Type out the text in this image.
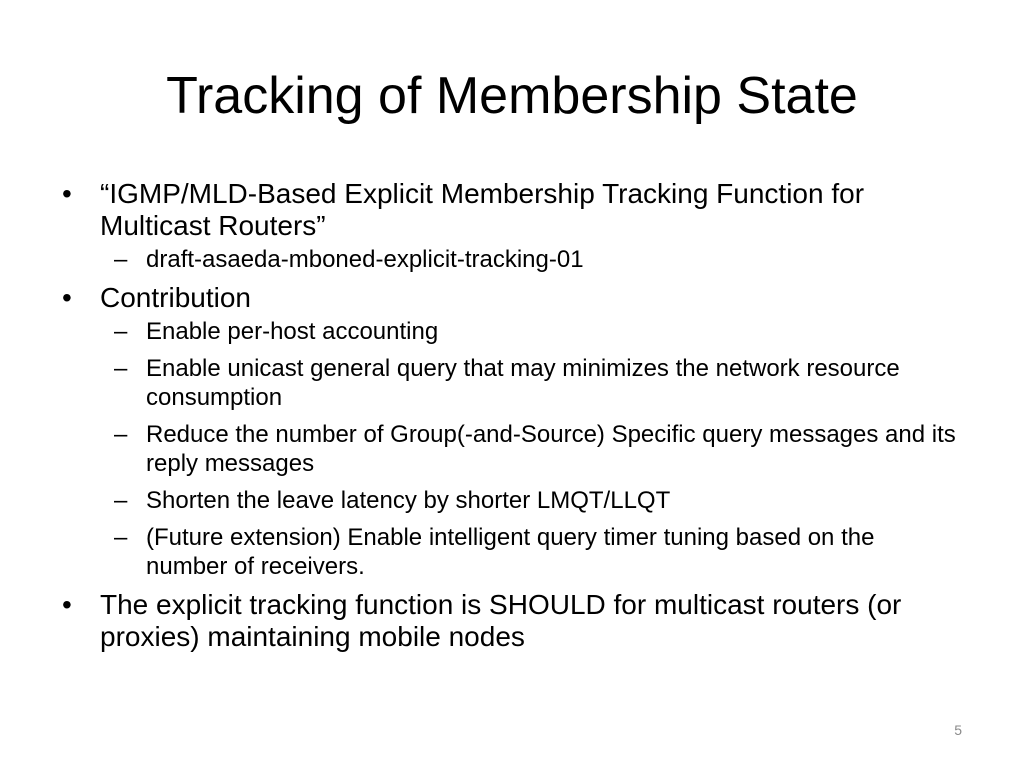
Tracking of Membership State
•	“IGMP/MLD-Based Explicit Membership Tracking Function for Multicast Routers”
– draft-asaeda-mboned-explicit-tracking-01
•	Contribution
– Enable per-host accounting
– Enable unicast general query that may minimizes the network resource consumption
– Reduce the number of Group(-and-Source) Specific query messages and its reply messages
– Shorten the leave latency by shorter LMQT/LLQT
– (Future extension) Enable intelligent query timer tuning based on the number of receivers.
•	The explicit tracking function is SHOULD for multicast routers (or proxies) maintaining mobile nodes
5
